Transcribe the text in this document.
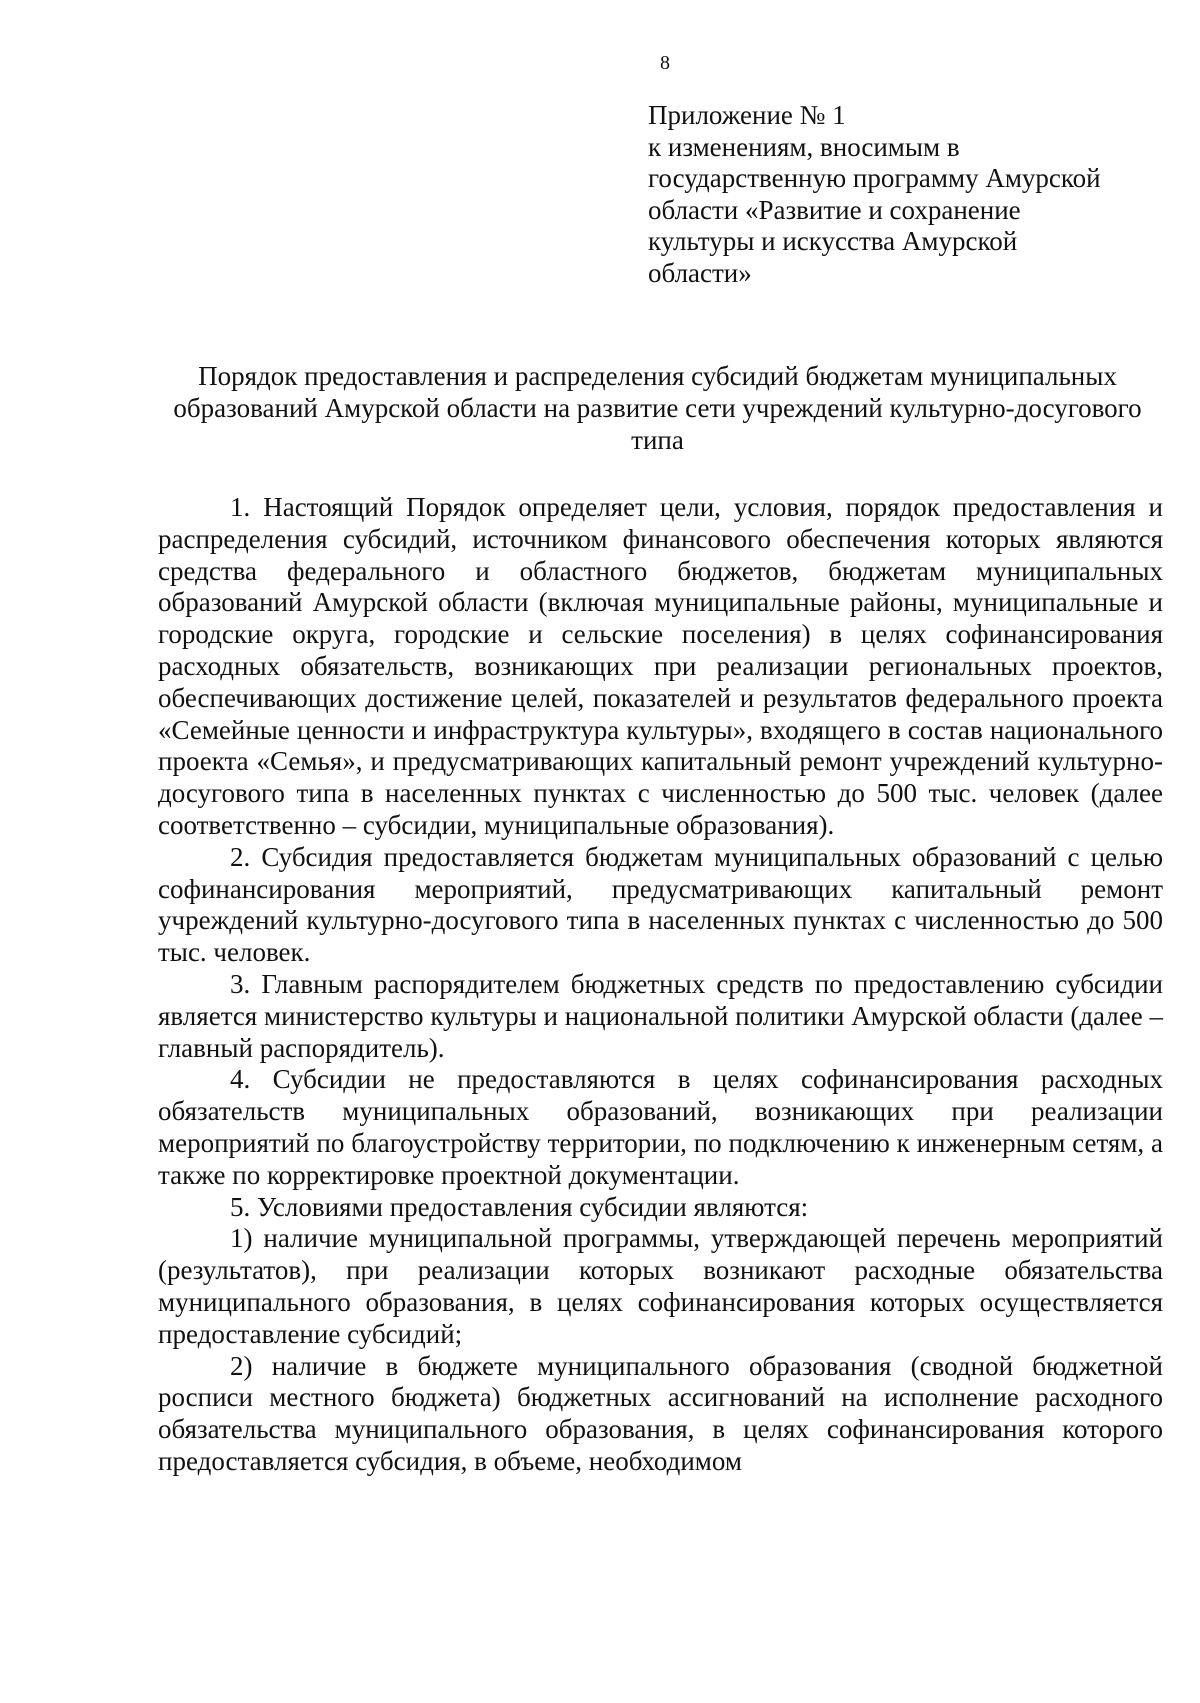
8
Приложение № 1
к изменениям, вносимым в
государственную программу Амурской
области «Развитие и сохранение
культуры и искусства Амурской
области»
Порядок предоставления и распределения субсидий бюджетам муниципальных образований Амурской области на развитие сети учреждений культурно-досугового типа

1. Настоящий Порядок определяет цели, условия, порядок предоставления и распределения субсидий, источником финансового обеспечения которых являются средства федерального и областного бюджетов, бюджетам муниципальных образований Амурской области (включая муниципальные районы, муниципальные и городские округа, городские и сельские поселения) в целях софинансирования расходных обязательств, возникающих при реализации региональных проектов, обеспечивающих достижение целей, показателей и результатов федерального проекта «Семейные ценности и инфраструктура культуры», входящего в состав национального проекта «Семья», и предусматривающих капитальный ремонт учреждений культурно-досугового типа в населенных пунктах с численностью до 500 тыс. человек (далее соответственно – субсидии, муниципальные образования).

2. Субсидия предоставляется бюджетам муниципальных образований с целью софинансирования мероприятий, предусматривающих капитальный ремонт учреждений культурно-досугового типа в населенных пунктах с численностью до 500 тыс. человек.

3. Главным распорядителем бюджетных средств по предоставлению субсидии является министерство культуры и национальной политики Амурской области (далее – главный распорядитель).

4. Субсидии не предоставляются в целях софинансирования расходных обязательств муниципальных образований, возникающих при реализации мероприятий по благоустройству территории, по подключению к инженерным сетям, а также по корректировке проектной документации.

5. Условиями предоставления субсидии являются:

1) наличие муниципальной программы, утверждающей перечень мероприятий (результатов), при реализации которых возникают расходные обязательства муниципального образования, в целях софинансирования которых осуществляется предоставление субсидий;

2) наличие в бюджете муниципального образования (сводной бюджетной росписи местного бюджета) бюджетных ассигнований на исполнение расходного обязательства муниципального образования, в целях софинансирования которого предоставляется субсидия, в объеме, необходимом
